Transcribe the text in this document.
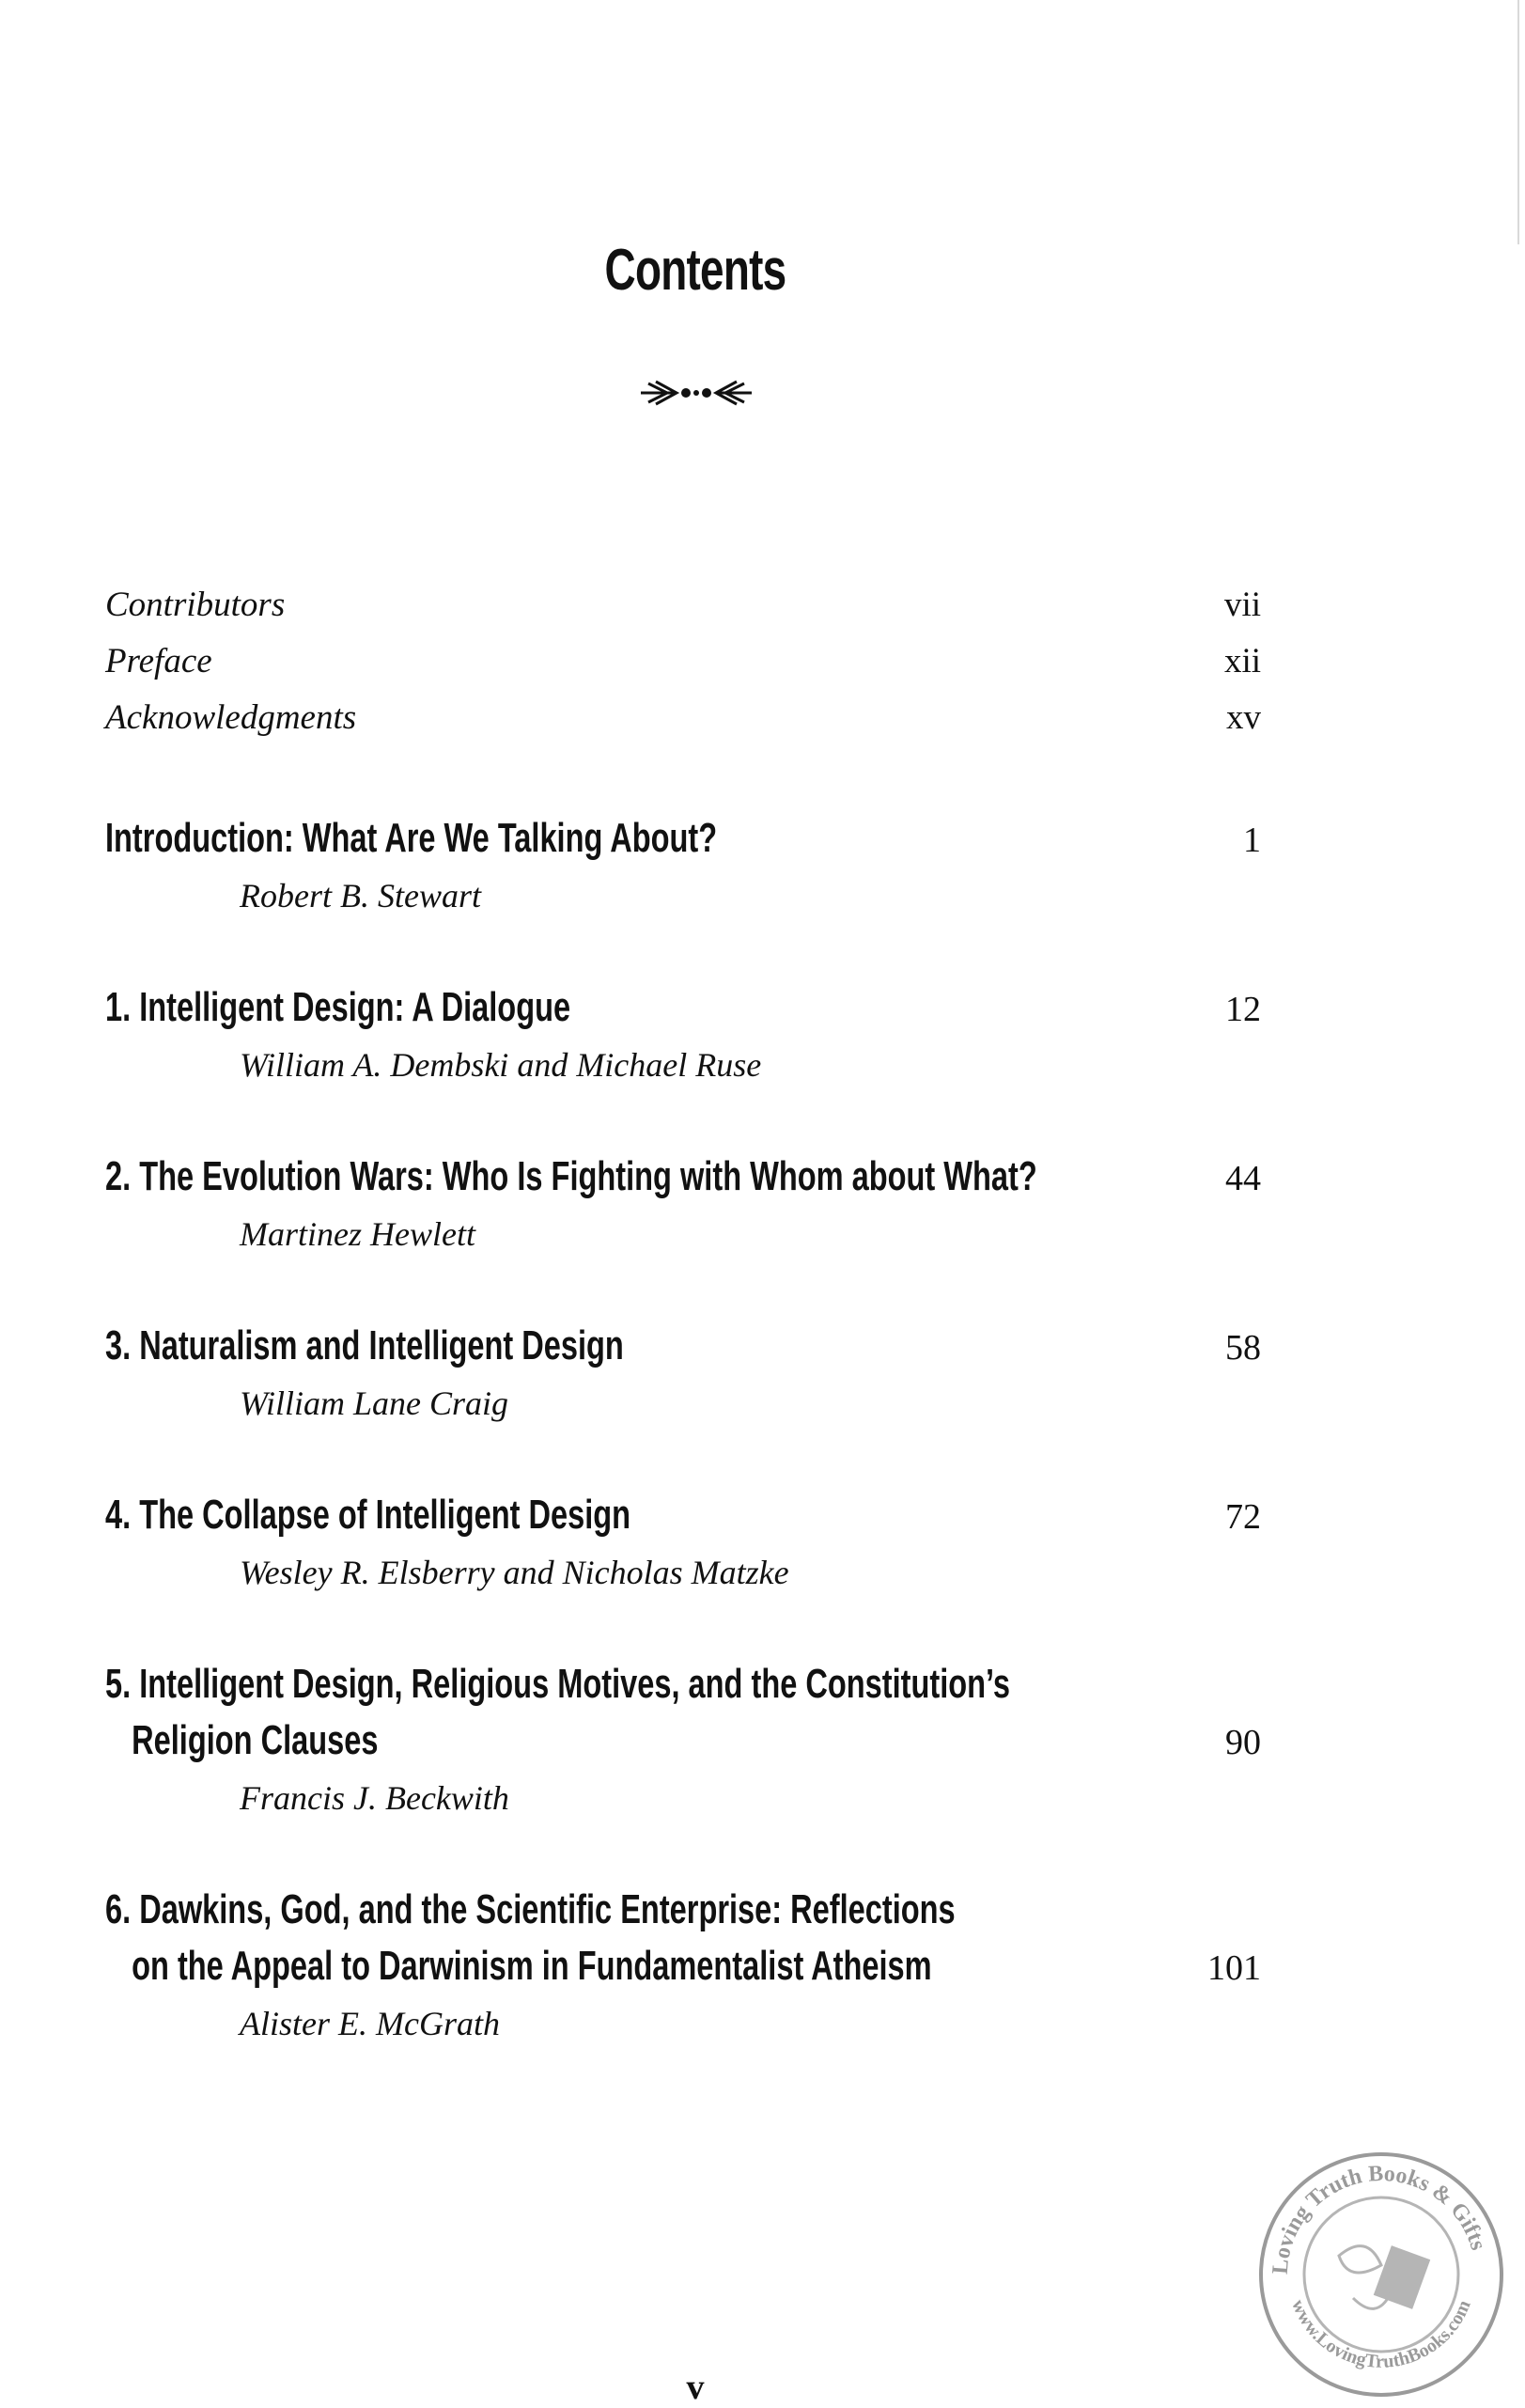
Contents
Contributors	vii
Preface	xii
Acknowledgments	xv
Introduction: What Are We Talking About?	1
Robert B. Stewart
1. Intelligent Design: A Dialogue	12
William A. Dembski and Michael Ruse
2. The Evolution Wars: Who Is Fighting with Whom about What?	44
Martinez Hewlett
3. Naturalism and Intelligent Design	58
William Lane Craig
4. The Collapse of Intelligent Design	72
Wesley R. Elsberry and Nicholas Matzke
5. Intelligent Design, Religious Motives, and the Constitution’s
Religion Clauses	90
Francis J. Beckwith
6. Dawkins, God, and the Scientific Enterprise: Reflections
on the Appeal to Darwinism in Fundamentalist Atheism	101
Alister E. McGrath
Loving Truth Books & Gifts
www.LovingTruthBooks.com
v
